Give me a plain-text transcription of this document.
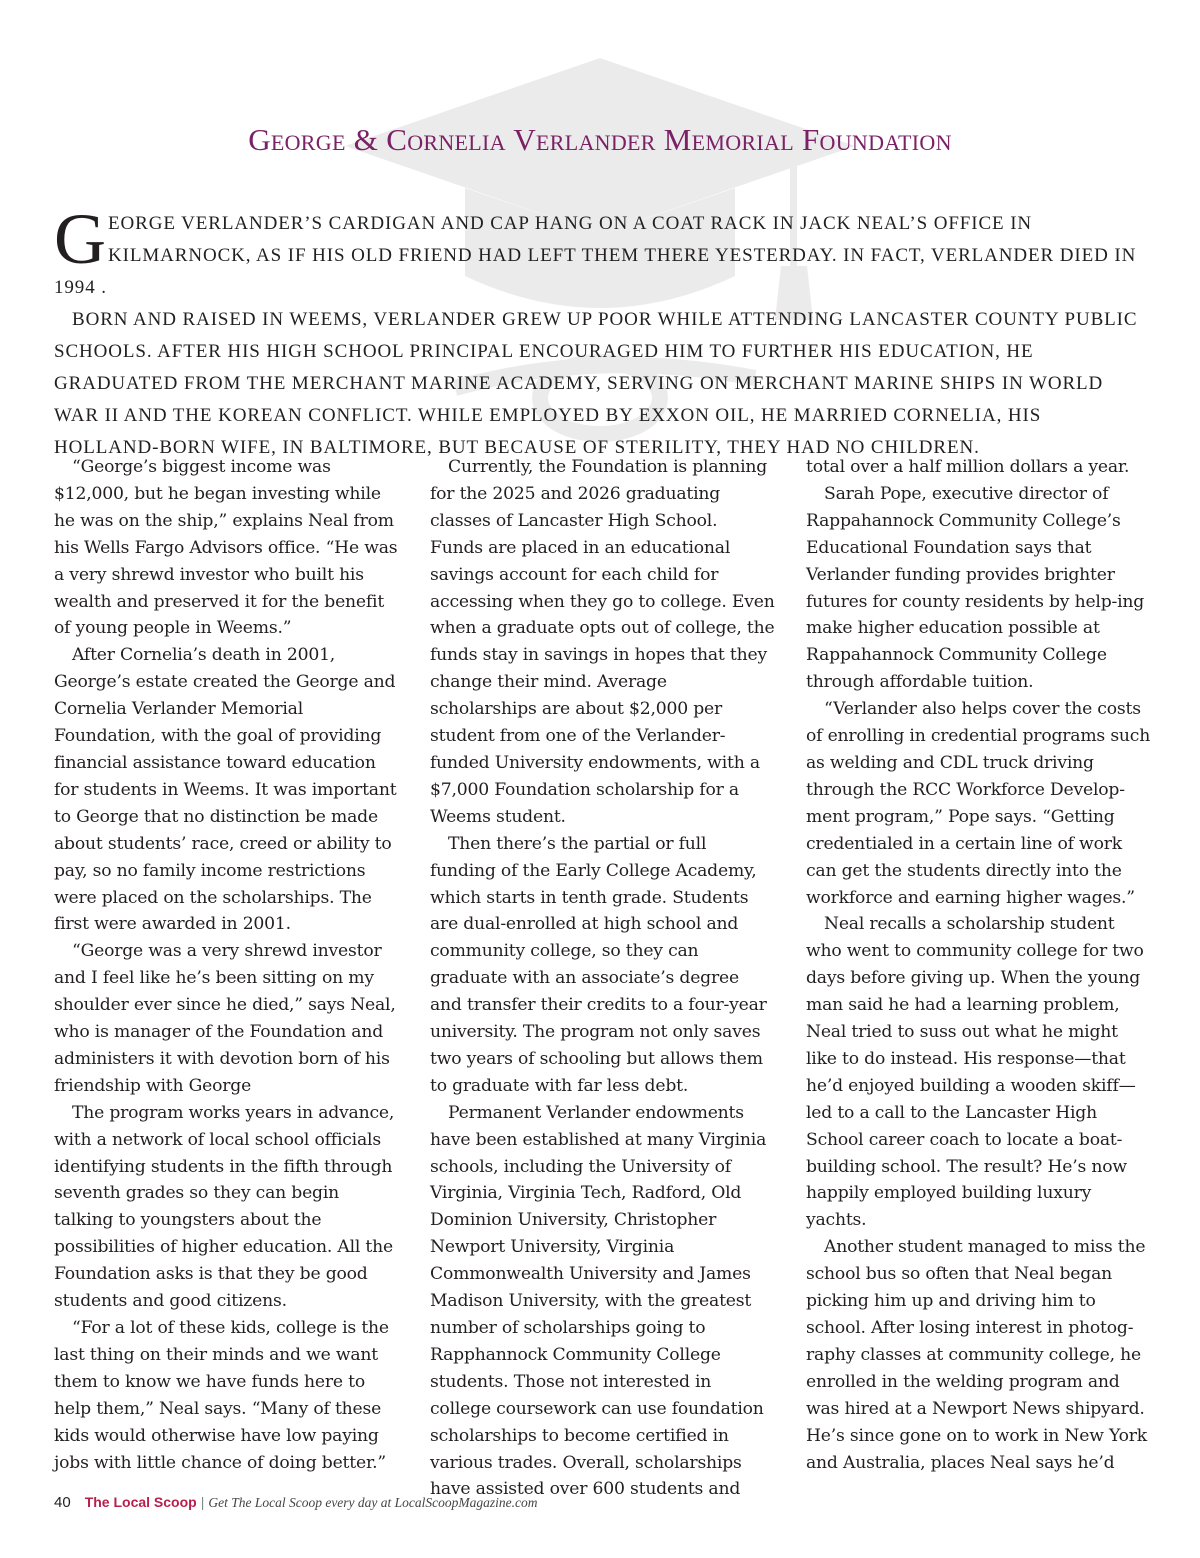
George & Cornelia Verlander Memorial Foundation

GEORGE VERLANDER’S CARDIGAN AND CAP HANG ON A COAT RACK IN JACK NEAL’S OFFICE IN KILMARNOCK, AS IF HIS OLD FRIEND HAD LEFT THEM THERE YESTERDAY. IN FACT, VERLANDER DIED IN 1994 .

BORN AND RAISED IN WEEMS, VERLANDER GREW UP POOR WHILE ATTENDING LANCASTER COUNTY PUBLIC SCHOOLS. AFTER HIS HIGH SCHOOL PRINCIPAL ENCOURAGED HIM TO FURTHER HIS EDUCATION, HE GRADUATED FROM THE MERCHANT MARINE ACADEMY, SERVING ON MERCHANT MARINE SHIPS IN WORLD WAR II AND THE KOREAN CONFLICT. WHILE EMPLOYED BY EXXON OIL, HE MARRIED CORNELIA, HIS HOLLAND-BORN WIFE, IN BALTIMORE, BUT BECAUSE OF STERILITY, THEY HAD NO CHILDREN.

“George’s biggest income was $12,000, but he began investing while he was on the ship,” explains Neal from his Wells Fargo Advisors office. “He was a very shrewd investor who built his wealth and preserved it for the benefit of young people in Weems.”

After Cornelia’s death in 2001, George’s estate created the George and Cornelia Verlander Memorial Foundation, with the goal of providing financial assistance toward education for students in Weems. It was important to George that no distinction be made about students’ race, creed or ability to pay, so no family income restrictions were placed on the scholarships. The first were awarded in 2001.

“George was a very shrewd investor and I feel like he’s been sitting on my shoulder ever since he died,” says Neal, who is manager of the Foundation and administers it with devotion born of his friendship with George

The program works years in advance, with a network of local school officials identifying students in the fifth through seventh grades so they can begin talking to youngsters about the possibilities of higher education. All the Foundation asks is that they be good students and good citizens.

“For a lot of these kids, college is the last thing on their minds and we want them to know we have funds here to help them,” Neal says. “Many of these kids would otherwise have low paying jobs with little chance of doing better.”

Currently, the Foundation is planning for the 2025 and 2026 graduating classes of Lancaster High School. Funds are placed in an educational savings account for each child for accessing when they go to college. Even when a graduate opts out of college, the funds stay in savings in hopes that they change their mind. Average scholarships are about $2,000 per student from one of the Verlander-funded University endowments, with a $7,000 Foundation scholarship for a Weems student.

Then there’s the partial or full funding of the Early College Academy, which starts in tenth grade. Students are dual-enrolled at high school and community college, so they can graduate with an associate’s degree and transfer their credits to a four-year university. The program not only saves two years of schooling but allows them to graduate with far less debt.

Permanent Verlander endowments have been established at many Virginia schools, including the University of Virginia, Virginia Tech, Radford, Old Dominion University, Christopher Newport University, Virginia Commonwealth University and James Madison University, with the greatest number of scholarships going to Rapphannock Community College students. Those not interested in college coursework can use foundation scholarships to become certified in various trades. Overall, scholarships have assisted over 600 students and

total over a half million dollars a year.

Sarah Pope, executive director of Rappahannock Community College’s Educational Foundation says that Verlander funding provides brighter futures for county residents by help-ing make higher education possible at Rappahannock Community College through affordable tuition.

“Verlander also helps cover the costs of enrolling in credential programs such as welding and CDL truck driving through the RCC Workforce Develop-ment program,” Pope says. “Getting credentialed in a certain line of work can get the students directly into the workforce and earning higher wages.”

Neal recalls a scholarship student who went to community college for two days before giving up. When the young man said he had a learning problem, Neal tried to suss out what he might like to do instead. His response—that he’d enjoyed building a wooden skiff—led to a call to the Lancaster High School career coach to locate a boat-building school. The result? He’s now happily employed building luxury yachts.

Another student managed to miss the school bus so often that Neal began picking him up and driving him to school. After losing interest in photog-raphy classes at community college, he enrolled in the welding program and was hired at a Newport News shipyard. He’s since gone on to work in New York and Australia, places Neal says he’d

40 The Local Scoop | Get The Local Scoop every day at LocalScoopMagazine.com
